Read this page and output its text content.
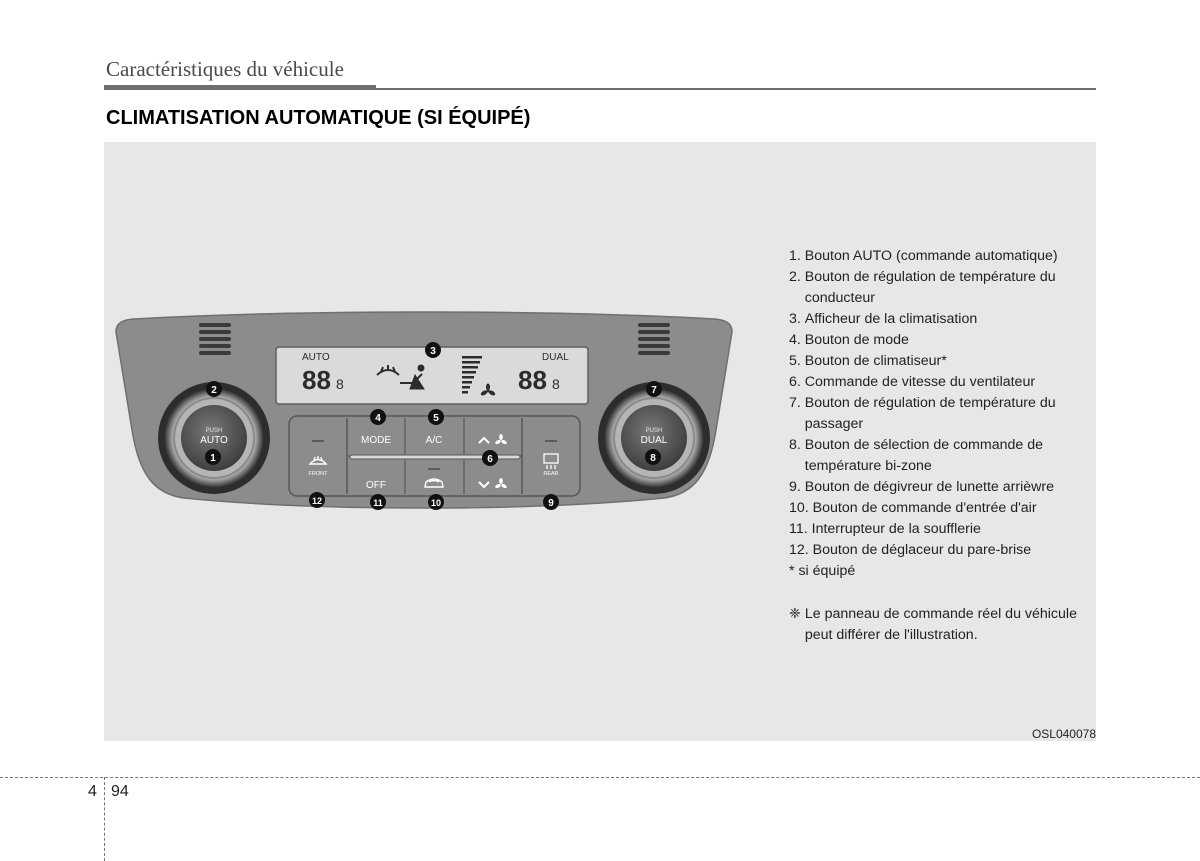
Caractéristiques du véhicule
CLIMATISATION AUTOMATIQUE (SI ÉQUIPÉ)
AUTO	DUAL
88 8	88 8
FRONT
MODE	A/C
OFF
REAR
PUSH
AUTO
PUSH
DUAL
1
2
3
4	5
6
7
8
9
10
11
12
1. Bouton AUTO (commande automatique)
2. Bouton de régulation de température du conducteur
3. Afficheur de la climatisation
4. Bouton de mode
5. Bouton de climatiseur*
6. Commande de vitesse du ventilateur
7. Bouton de régulation de température du passager
8. Bouton de sélection de commande de température bi-zone
9. Bouton de dégivreur de lunette arrièwre
10. Bouton de commande d'entrée d'air
11. Interrupteur de la soufflerie
12. Bouton de déglaceur du pare-brise
* si équipé
❈ Le panneau de commande réel du véhicule peut différer de l'illustration.
OSL040078
4 94
